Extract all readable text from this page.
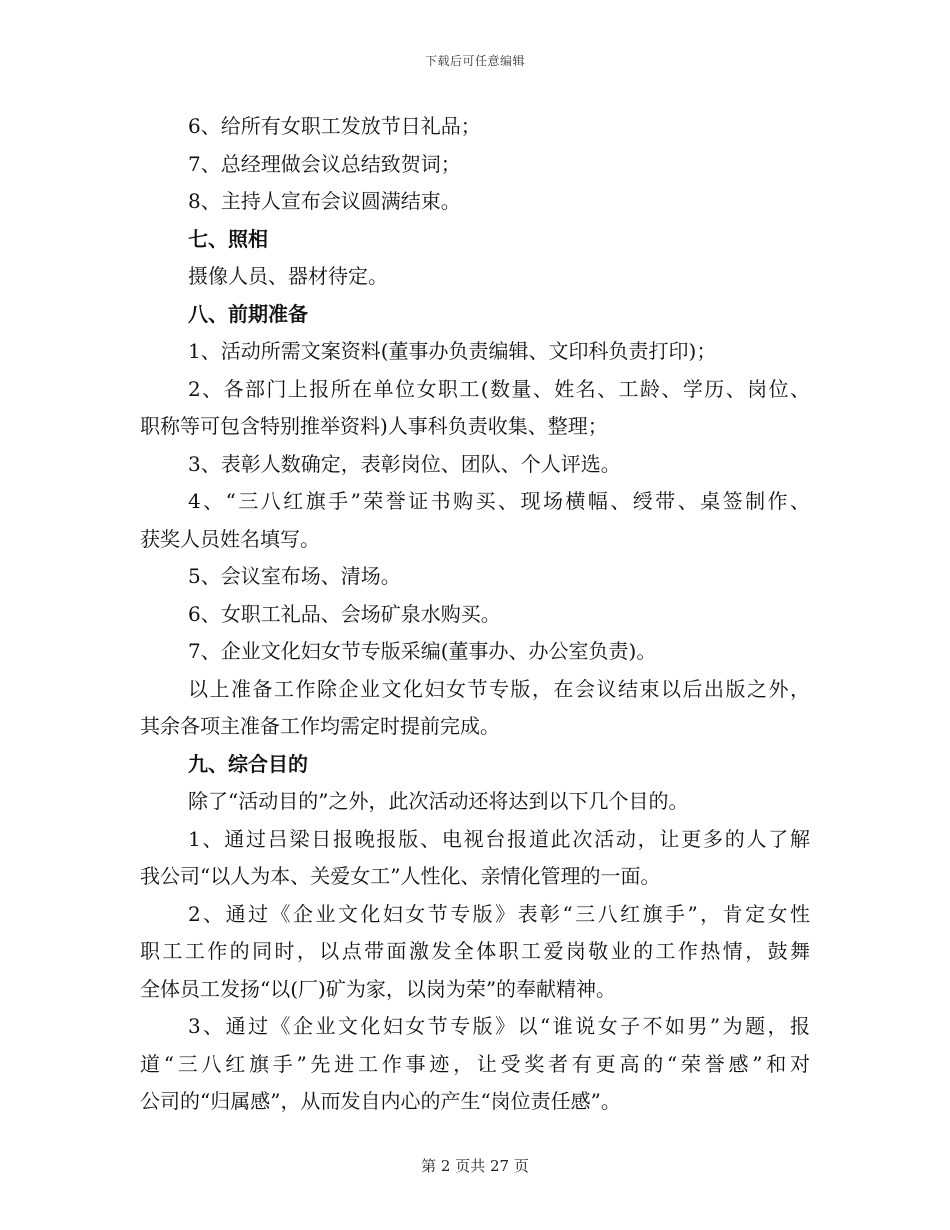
下载后可任意编辑
6、给所有女职工发放节日礼品；
7、总经理做会议总结致贺词；
8、主持人宣布会议圆满结束。
七、照相
摄像人员、器材待定。
八、前期准备
1、活动所需文案资料(董事办负责编辑、文印科负责打印)；
2、各部门上报所在单位女职工(数量、姓名、工龄、学历、岗位、
职称等可包含特别推举资料)人事科负责收集、整理；
3、表彰人数确定，表彰岗位、团队、个人评选。
4、“三八红旗手”荣誉证书购买、现场横幅、绶带、桌签制作、
获奖人员姓名填写。
5、会议室布场、清场。
6、女职工礼品、会场矿泉水购买。
7、企业文化妇女节专版采编(董事办、办公室负责)。
以上准备工作除企业文化妇女节专版，在会议结束以后出版之外，
其余各项主准备工作均需定时提前完成。
九、综合目的
除了“活动目的”之外，此次活动还将达到以下几个目的。
1、通过吕梁日报晚报版、电视台报道此次活动，让更多的人了解
我公司“以人为本、关爱女工”人性化、亲情化管理的一面。
2、通过《企业文化妇女节专版》表彰“三八红旗手”，肯定女性
职工工作的同时，以点带面激发全体职工爱岗敬业的工作热情，鼓舞
全体员工发扬“以(厂)矿为家，以岗为荣”的奉献精神。
3、通过《企业文化妇女节专版》以“谁说女子不如男”为题，报
道“三八红旗手”先进工作事迹，让受奖者有更高的“荣誉感”和对
公司的“归属感”，从而发自内心的产生“岗位责任感”。
第 2 页共 27 页
